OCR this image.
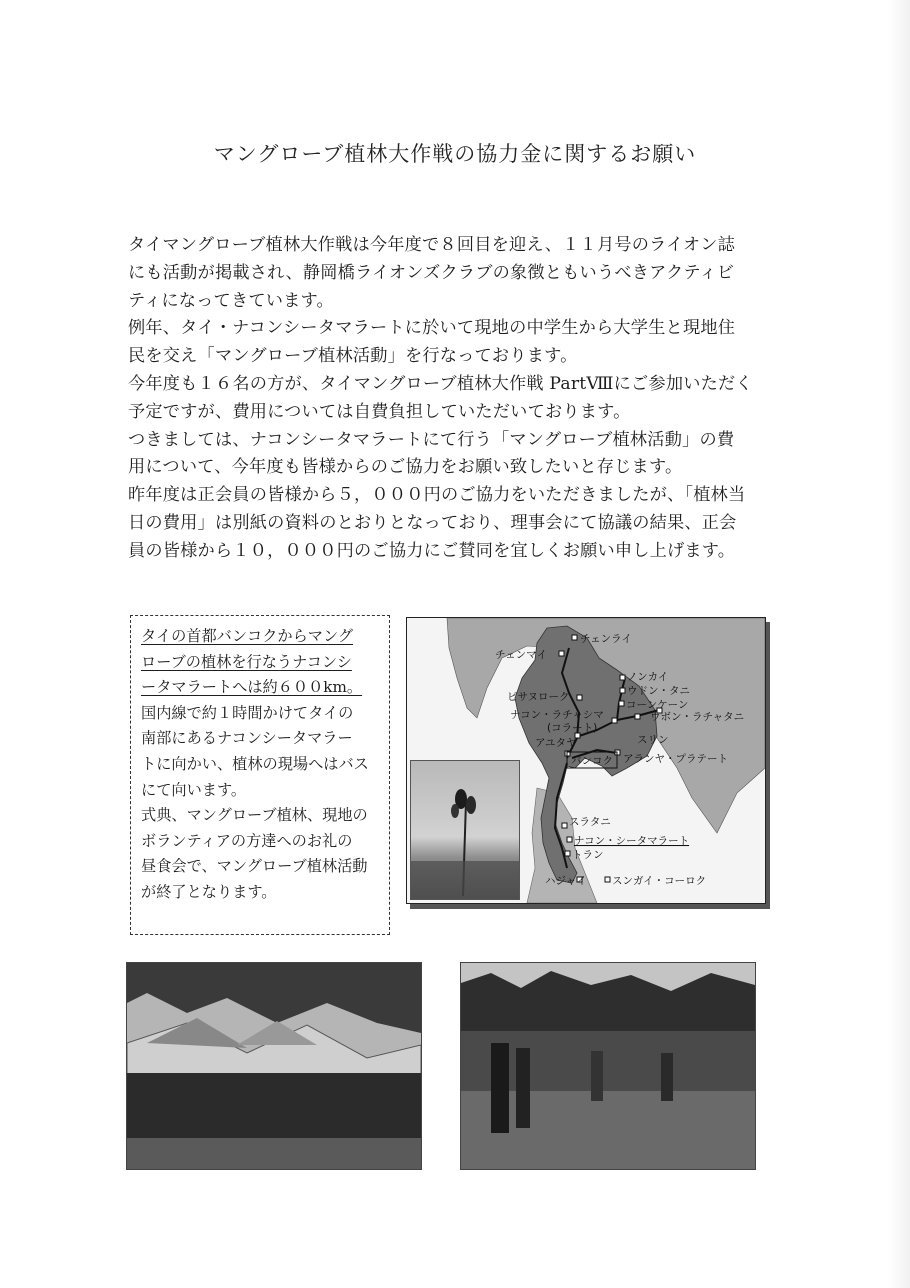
マングローブ植林大作戦の協力金に関するお願い

タイマングローブ植林大作戦は今年度で８回目を迎え、１１月号のライオン誌

にも活動が掲載され、静岡橋ライオンズクラブの象徴ともいうべきアクティビ

ティになってきています。

例年、タイ・ナコンシータマラートに於いて現地の中学生から大学生と現地住

民を交え「マングローブ植林活動」を行なっております。

今年度も１６名の方が、タイマングローブ植林大作戦 PartⅧにご参加いただく

予定ですが、費用については自費負担していただいております。

つきましては、ナコンシータマラートにて行う「マングローブ植林活動」の費

用について、今年度も皆様からのご協力をお願い致したいと存じます。

昨年度は正会員の皆様から５，０００円のご協力をいただきましたが、「植林当

日の費用」は別紙の資料のとおりとなっており、理事会にて協議の結果、正会

員の皆様から１０，０００円のご協力にご賛同を宜しくお願い申し上げます。

タイの首都バンコクからマング

ローブの植林を行なうナコンシ

ータマラートへは約６００km。

国内線で約１時間かけてタイの

南部にあるナコンシータマラー

トに向かい、植林の現場へはバス

にて向います。

式典、マングローブ植林、現地の

ボランティアの方達へのお礼の

昼食会で、マングローブ植林活動

が終了となります。

チェンライ
チェンマイ
ノンカイ
ウドン・タニ
コーンケーン
ピサヌローク
ナコン・ラチャシマ
(コラート)
ウボン・ラチャタニ
スリン
アユタヤ
バンコク アランヤ・プラテート
スラタニ
ナコン・シータマラート
トラン
ハジャイ スンガイ・コーロク
